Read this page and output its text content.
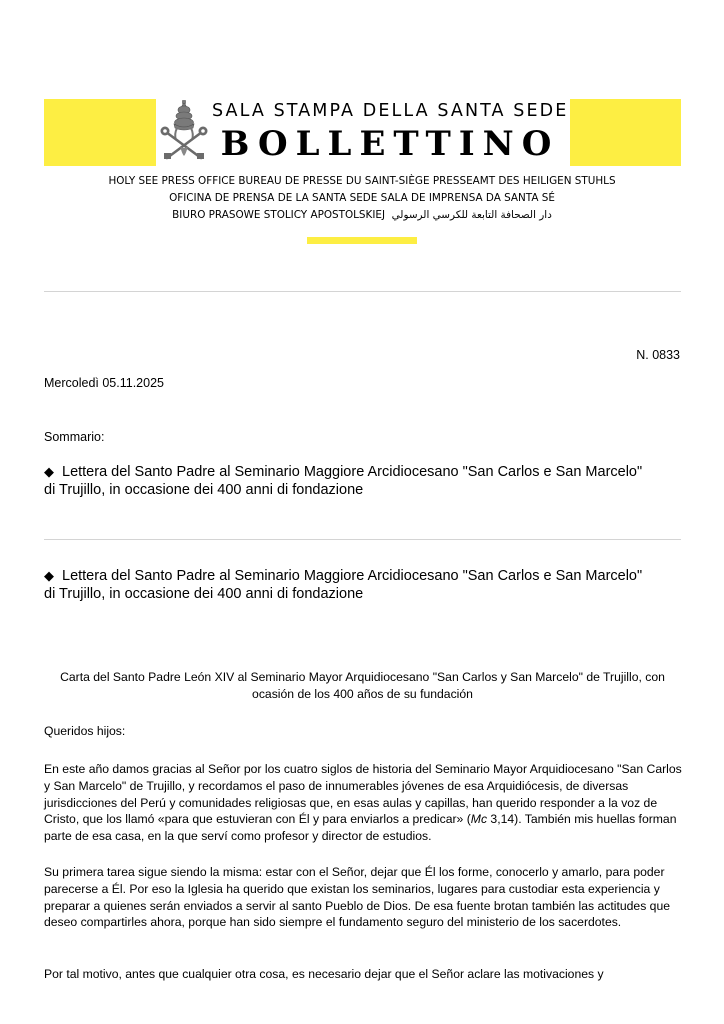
SALA STAMPA DELLA SANTA SEDE
BOLLETTINO
HOLY SEE PRESS OFFICE BUREAU DE PRESSE DU SAINT-SIÈGE PRESSEAMT DES HEILIGEN STUHLS
OFICINA DE PRENSA DE LA SANTA SEDE SALA DE IMPRENSA DA SANTA SÉ
BIURO PRASOWE STOLICY APOSTOLSKIEJ دار الصحافة التابعة للكرسي الرسولي
N. 0833
Mercoledì 05.11.2025
Sommario:
◆ Lettera del Santo Padre al Seminario Maggiore Arcidiocesano "San Carlos e San Marcelo" di Trujillo, in occasione dei 400 anni di fondazione
◆ Lettera del Santo Padre al Seminario Maggiore Arcidiocesano "San Carlos e San Marcelo" di Trujillo, in occasione dei 400 anni di fondazione
Carta del Santo Padre León XIV al Seminario Mayor Arquidiocesano "San Carlos y San Marcelo" de Trujillo, con ocasión de los 400 años de su fundación
Queridos hijos:
En este año damos gracias al Señor por los cuatro siglos de historia del Seminario Mayor Arquidiocesano "San Carlos y San Marcelo" de Trujillo, y recordamos el paso de innumerables jóvenes de esa Arquidiócesis, de diversas jurisdicciones del Perú y comunidades religiosas que, en esas aulas y capillas, han querido responder a la voz de Cristo, que los llamó «para que estuvieran con Él y para enviarlos a predicar» (Mc 3,14). También mis huellas forman parte de esa casa, en la que serví como profesor y director de estudios.
Su primera tarea sigue siendo la misma: estar con el Señor, dejar que Él los forme, conocerlo y amarlo, para poder parecerse a Él. Por eso la Iglesia ha querido que existan los seminarios, lugares para custodiar esta experiencia y preparar a quienes serán enviados a servir al santo Pueblo de Dios. De esa fuente brotan también las actitudes que deseo compartirles ahora, porque han sido siempre el fundamento seguro del ministerio de los sacerdotes.
Por tal motivo, antes que cualquier otra cosa, es necesario dejar que el Señor aclare las motivaciones y
